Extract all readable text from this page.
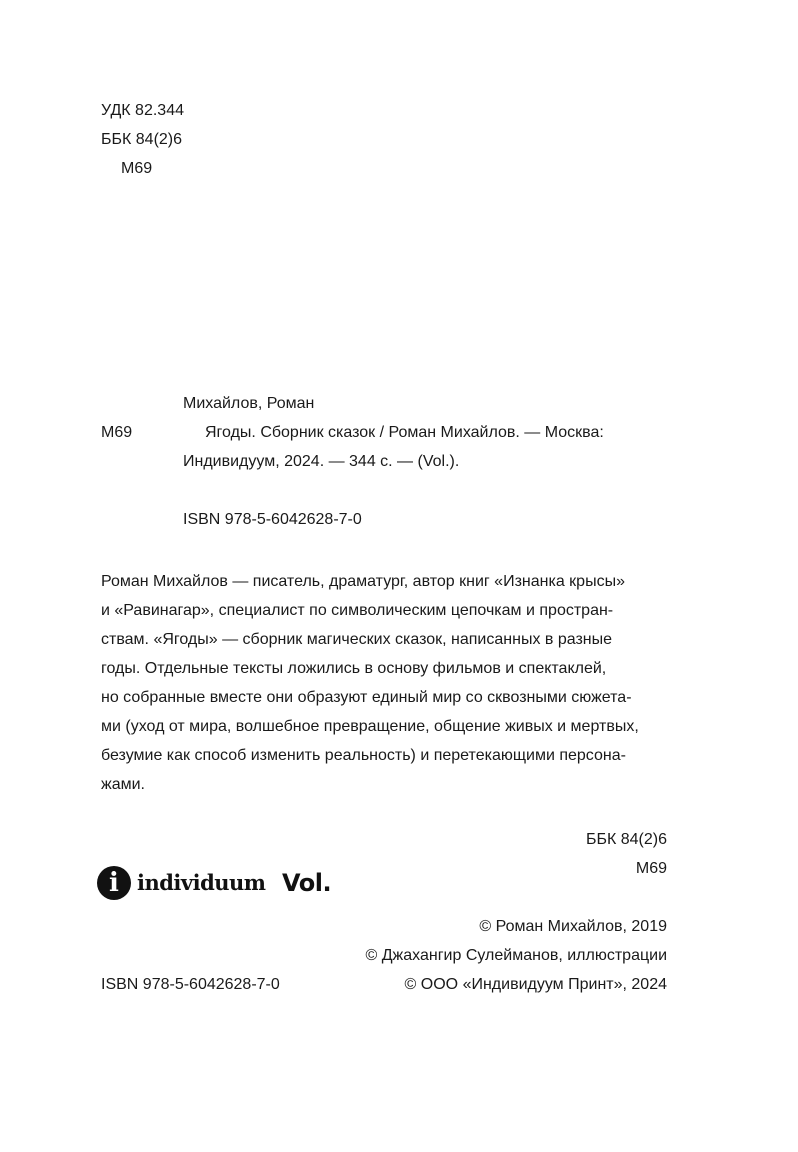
УДК 82.344
ББК 84(2)6
М69
Михайлов, Роман
М69	Ягоды. Сборник сказок / Роман Михайлов. — Москва:
Индивидуум, 2024. — 344 с. — (Vol.).
ISBN 978-5-6042628-7-0
Роман Михайлов — писатель, драматург, автор книг «Изнанка крысы»
и «Равинагар», специалист по символическим цепочкам и простран-
ствам. «Ягоды» — сборник магических сказок, написанных в разные
годы. Отдельные тексты ложились в основу фильмов и спектаклей,
но собранные вместе они образуют единый мир со сквозными сюжета-
ми (уход от мира, волшебное превращение, общение живых и мертвых,
безумие как способ изменить реальность) и перетекающими персона-
жами.
ББК 84(2)6
М69
i individuum Vol.
© Роман Михайлов, 2019
© Джахангир Сулейманов, иллюстрации
ISBN 978-5-6042628-7-0	© ООО «Индивидуум Принт», 2024
